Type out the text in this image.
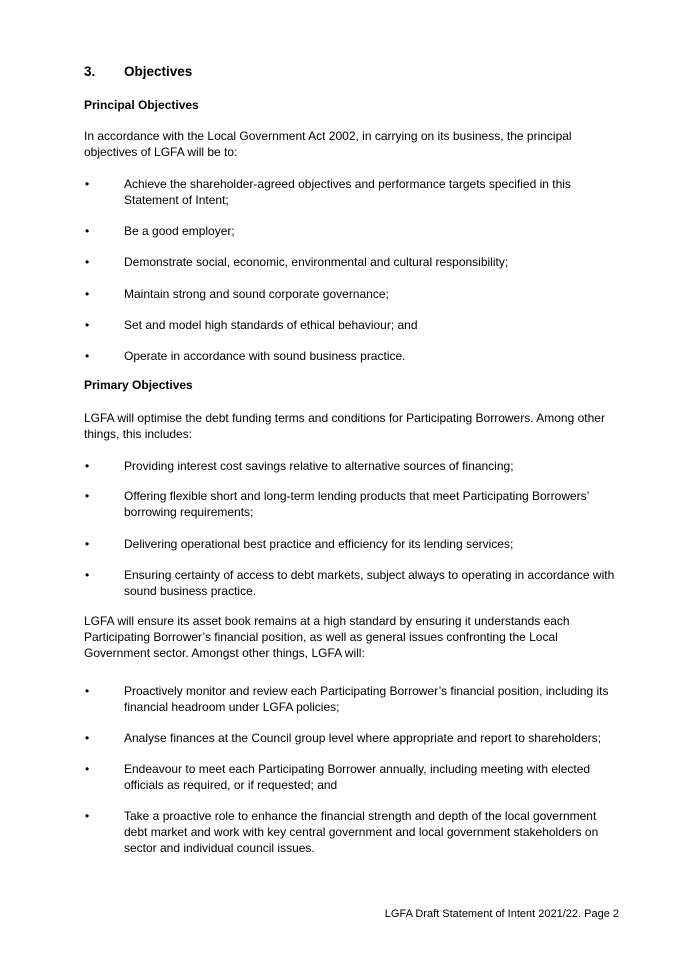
3. Objectives
Principal Objectives
In accordance with the Local Government Act 2002, in carrying on its business, the principal objectives of LGFA will be to:
•	Achieve the shareholder-agreed objectives and performance targets specified in this Statement of Intent;
•	Be a good employer;
•	Demonstrate social, economic, environmental and cultural responsibility;
•	Maintain strong and sound corporate governance;
•	Set and model high standards of ethical behaviour; and
•	Operate in accordance with sound business practice.
Primary Objectives
LGFA will optimise the debt funding terms and conditions for Participating Borrowers. Among other things, this includes:
•	Providing interest cost savings relative to alternative sources of financing;
•	Offering flexible short and long-term lending products that meet Participating Borrowers’ borrowing requirements;
•	Delivering operational best practice and efficiency for its lending services;
•	Ensuring certainty of access to debt markets, subject always to operating in accordance with sound business practice.
LGFA will ensure its asset book remains at a high standard by ensuring it understands each Participating Borrower’s financial position, as well as general issues confronting the Local Government sector. Amongst other things, LGFA will:
•	Proactively monitor and review each Participating Borrower’s financial position, including its financial headroom under LGFA policies;
•	Analyse finances at the Council group level where appropriate and report to shareholders;
•	Endeavour to meet each Participating Borrower annually, including meeting with elected officials as required, or if requested; and
•	Take a proactive role to enhance the financial strength and depth of the local government debt market and work with key central government and local government stakeholders on sector and individual council issues.
LGFA Draft Statement of Intent 2021/22. Page 2
